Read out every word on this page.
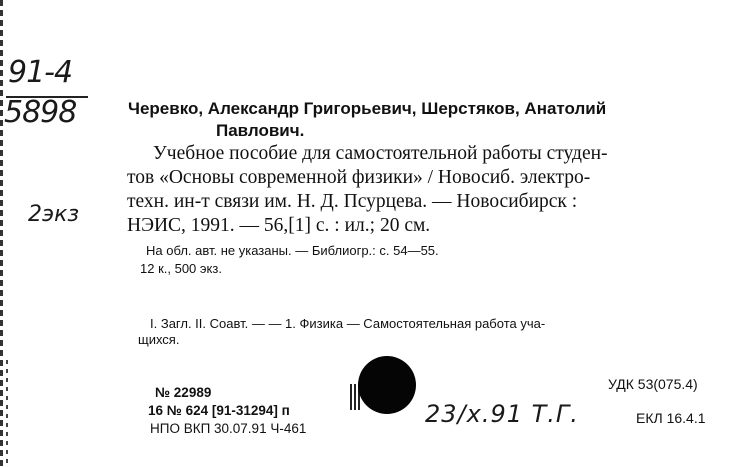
91-4
5898
2экз
Черевко, Александр Григорьевич, Шерстяков, Анатолий
Павлович.
Учебное пособие для самостоятельной работы студен-
тов «Основы современной физики» / Новосиб. электро-
техн. ин-т связи им. Н. Д. Псурцева. — Новосибирск :
НЭИС, 1991. — 56,[1] с. : ил.; 20 см.
На обл. авт. не указаны. — Библиогр.: с. 54—55.
12 к., 500 экз.
I. Загл. II. Соавт. — — 1. Физика — Самостоятельная работа уча-
щихся.
№ 22989
16 № 624 [91-31294] п
НПО ВКП 30.07.91 Ч-461
23/x.91 Т.Г.
УДК 53(075.4)
ЕКЛ 16.4.1
